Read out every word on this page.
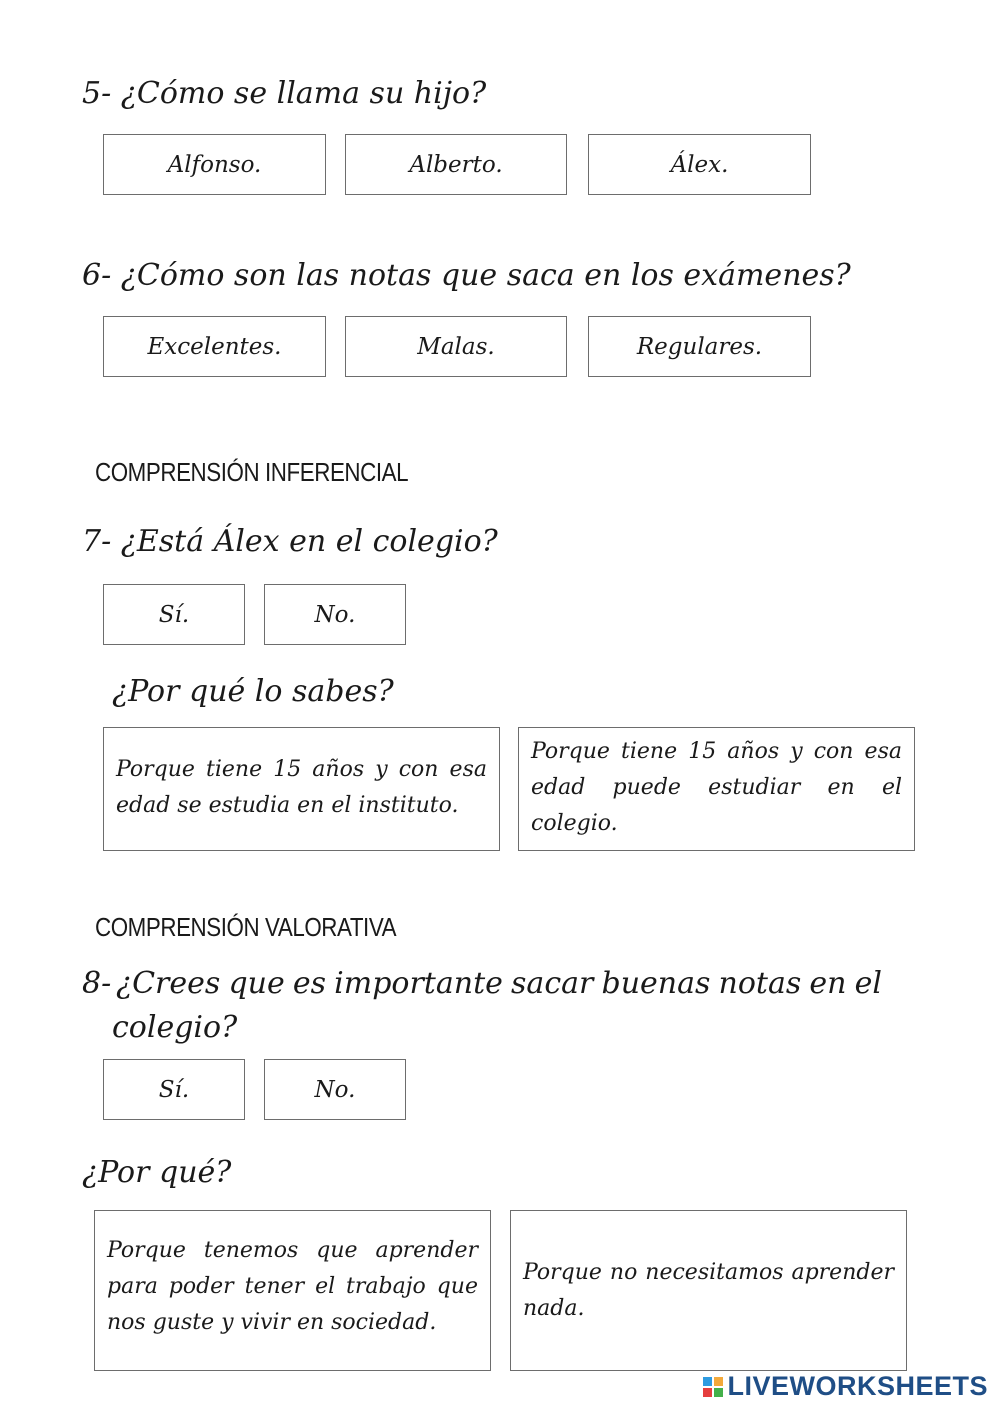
5- ¿Cómo se llama su hijo?
Alfonso.	Alberto.	Álex.
6- ¿Cómo son las notas que saca en los exámenes?
Excelentes.	Malas.	Regulares.
COMPRENSIÓN INFERENCIAL
7- ¿Está Álex en el colegio?
Sí.	No.
¿Por qué lo sabes?
Porque tiene 15 años y con esa edad se estudia en el instituto.
Porque tiene 15 años y con esa edad puede estudiar en el colegio.
COMPRENSIÓN VALORATIVA
8- ¿Crees que es importante sacar buenas notas en el
colegio?
Sí.	No.
¿Por qué?
Porque tenemos que aprender para poder tener el trabajo que nos guste y vivir en sociedad.
Porque no necesitamos aprender nada.
LIVEWORKSHEETS
